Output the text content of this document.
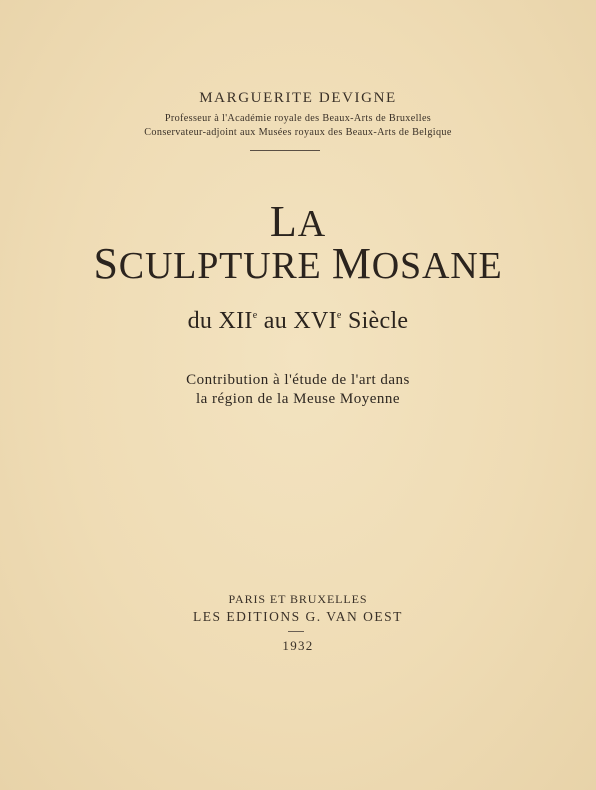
MARGUERITE DEVIGNE
Professeur à l'Académie royale des Beaux-Arts de Bruxelles
Conservateur-adjoint aux Musées royaux des Beaux-Arts de Belgique
LA
SCULPTURE MOSANE
du XIIe au XVIe Siècle
Contribution à l'étude de l'art dans
la région de la Meuse Moyenne
PARIS ET BRUXELLES
LES EDITIONS G. VAN OEST
1932
